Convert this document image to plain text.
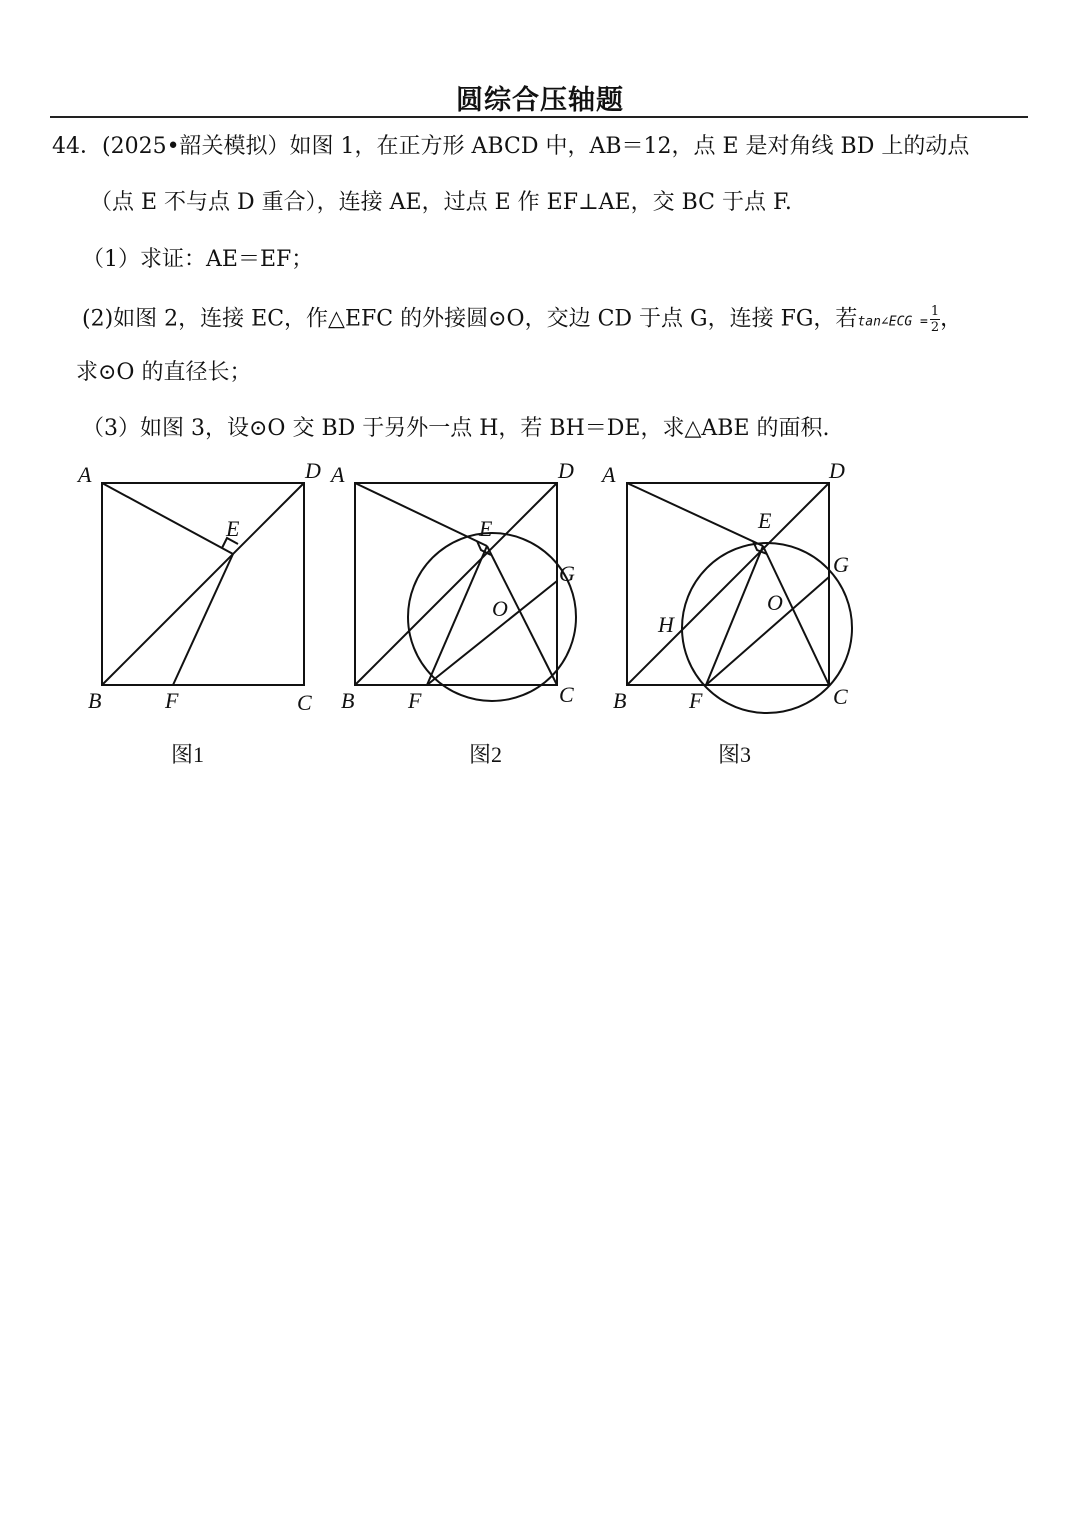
圆综合压轴题
44．(2025•韶关模拟）如图 1，在正方形 ABCD 中，AB＝12，点 E 是对角线 BD 上的动点
（点 E 不与点 D 重合），连接 AE，过点 E 作 EF⊥AE，交 BC 于点 F.
（1）求证：AE＝EF；
(2)如图 2，连接 EC，作△EFC 的外接圆⊙O，交边 CD 于点 G，连接 FG，若tan∠ECG = $\frac{1}{2}$ ，
求⊙O 的直径长；
（3）如图 3，设⊙O 交 BD 于另外一点 H，若 BH＝DE，求△ABE 的面积.
A	D
E
B	F	C
图1
A	D
E
G
O
B F	C
图2
A	D
E
G
O
H
B	F	C
图3
